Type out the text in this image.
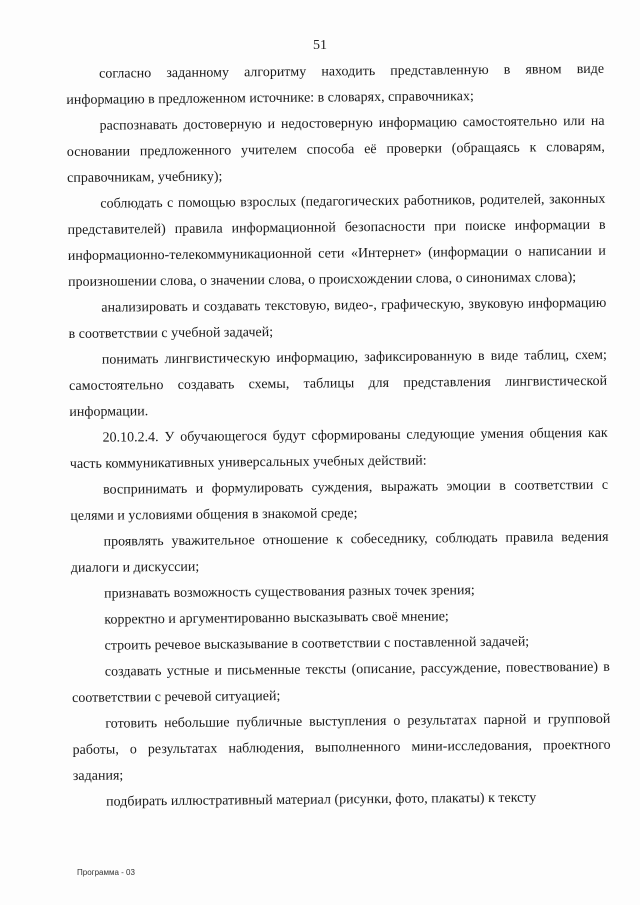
51

согласно заданному алгоритму находить представленную в явном виде информацию в предложенном источнике: в словарях, справочниках;

распознавать достоверную и недостоверную информацию самостоятельно или на основании предложенного учителем способа её проверки (обращаясь к словарям, справочникам, учебнику);

соблюдать с помощью взрослых (педагогических работников, родителей, законных представителей) правила информационной безопасности при поиске информации в информационно-телекоммуникационной сети «Интернет» (информации о написании и произношении слова, о значении слова, о происхождении слова, о синонимах слова);

анализировать и создавать текстовую, видео-, графическую, звуковую информацию в соответствии с учебной задачей;

понимать лингвистическую информацию, зафиксированную в виде таблиц, схем; самостоятельно создавать схемы, таблицы для представления лингвистической информации.

20.10.2.4. У обучающегося будут сформированы следующие умения общения как часть коммуникативных универсальных учебных действий:

воспринимать и формулировать суждения, выражать эмоции в соответствии с целями и условиями общения в знакомой среде;

проявлять уважительное отношение к собеседнику, соблюдать правила ведения диалоги и дискуссии;

признавать возможность существования разных точек зрения;

корректно и аргументированно высказывать своё мнение;

строить речевое высказывание в соответствии с поставленной задачей;

создавать устные и письменные тексты (описание, рассуждение, повествование) в соответствии с речевой ситуацией;

готовить небольшие публичные выступления о результатах парной и групповой работы, о результатах наблюдения, выполненного мини-исследования, проектного задания;

подбирать иллюстративный материал (рисунки, фото, плакаты) к тексту

Программа - 03
